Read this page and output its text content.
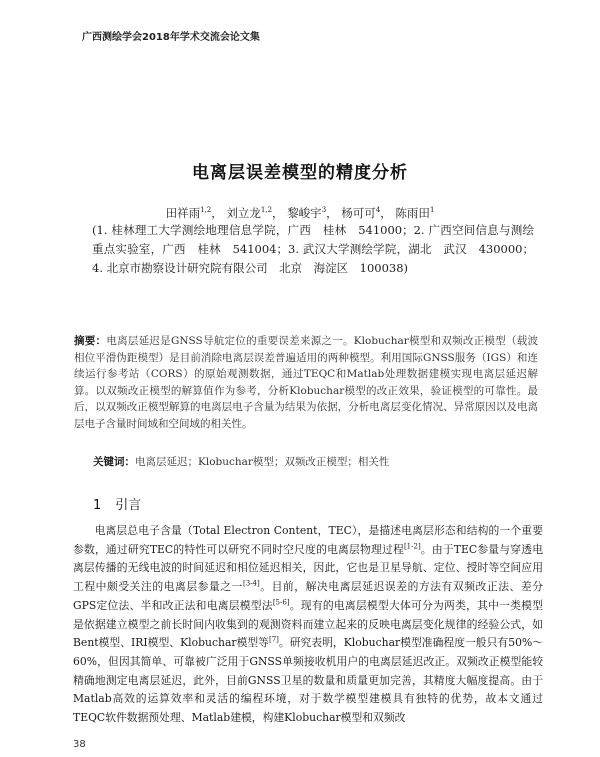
广西测绘学会2018年学术交流会论文集
电离层误差模型的精度分析
田祥雨$^{1,2}$， 刘立龙$^{1,2}$， 黎峻宇$^3$， 杨可可$^4$， 陈雨田$^1$
(1. 桂林理工大学测绘地理信息学院，广西　桂林　541000；2. 广西空间信息与测绘重点实验室，广西　桂林　541004；3. 武汉大学测绘学院，湖北　武汉　430000；4. 北京市勘察设计研究院有限公司　北京　海淀区　100038)
摘要：电离层延迟是GNSS导航定位的重要误差来源之一。Klobuchar模型和双频改正模型（载波相位平滑伪距模型）是目前消除电离层误差普遍适用的两种模型。利用国际GNSS服务（IGS）和连续运行参考站（CORS）的原始观测数据，通过TEQC和Matlab处理数据建模实现电离层延迟解算。以双频改正模型的解算值作为参考，分析Klobuchar模型的改正效果，验证模型的可靠性。最后，以双频改正模型解算的电离层电子含量为结果为依据，分析电离层变化情况、异常原因以及电离层电子含量时间域和空间域的相关性。
关键词：电离层延迟；Klobuchar模型；双频改正模型；相关性
1 引言
电离层总电子含量（Total Electron Content，TEC），是描述电离层形态和结构的一个重要参数，通过研究TEC的特性可以研究不同时空尺度的电离层物理过程[1-2]。由于TEC参量与穿透电离层传播的无线电波的时间延迟和相位延迟相关，因此，它也是卫星导航、定位、授时等空间应用工程中颇受关注的电离层参量之一[3-4]。目前，解决电离层延迟误差的方法有双频改正法、差分GPS定位法、半和改正法和电离层模型法[5-6]。现有的电离层模型大体可分为两类，其中一类模型是依据建立模型之前长时间内收集到的观测资料而建立起来的反映电离层变化规律的经验公式，如Bent模型、IRI模型、Klobuchar模型等[7]。研究表明，Klobuchar模型准确程度一般只有50%～60%，但因其简单、可靠被广泛用于GNSS单频接收机用户的电离层延迟改正。双频改正模型能较精确地测定电离层延迟，此外，目前GNSS卫星的数量和质量更加完善，其精度大幅度提高。由于Matlab高效的运算效率和灵活的编程环境，对于数学模型建模具有独特的优势，故本文通过TEQC软件数据预处理、Matlab建模，构建Klobuchar模型和双频改
38
